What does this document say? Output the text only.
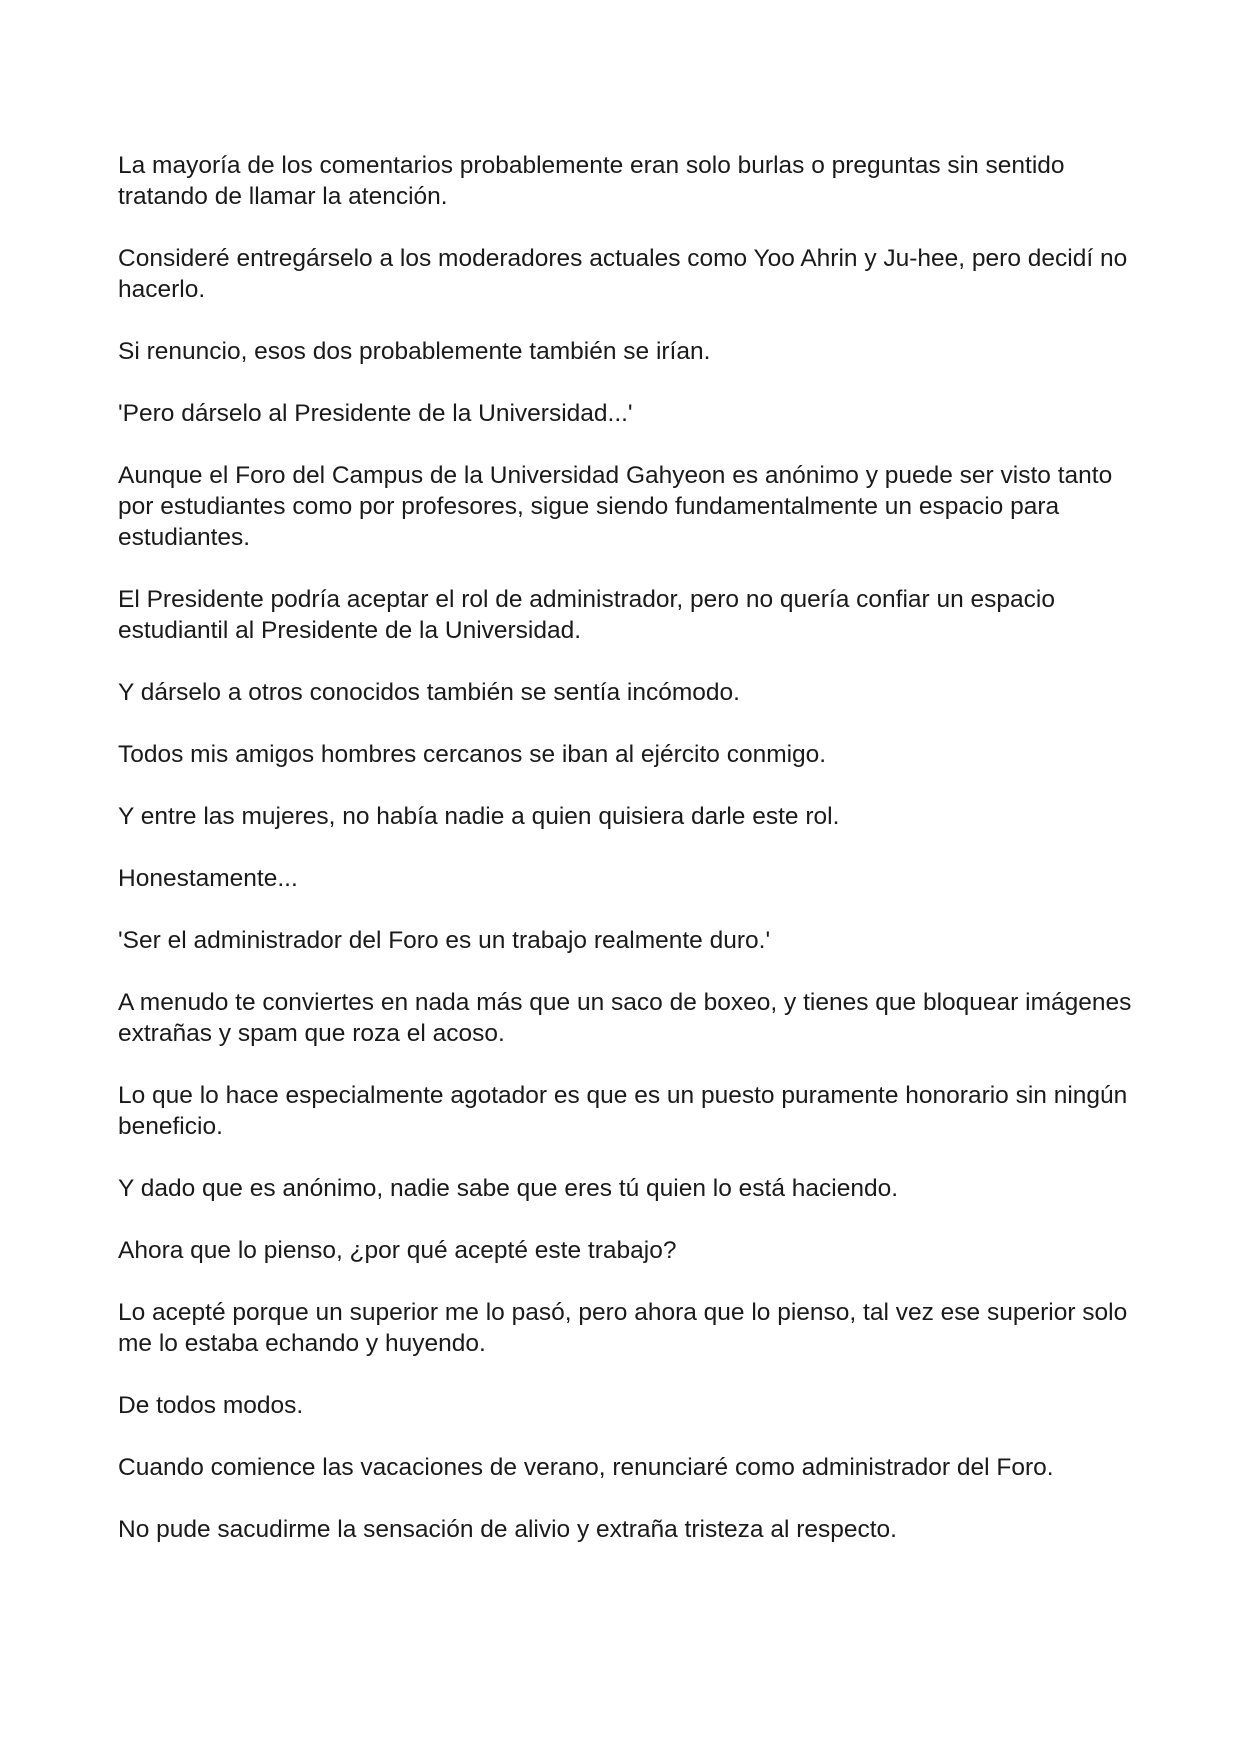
La mayoría de los comentarios probablemente eran solo burlas o preguntas sin sentido tratando de llamar la atención.

Consideré entregárselo a los moderadores actuales como Yoo Ahrin y Ju-hee, pero decidí no hacerlo.

Si renuncio, esos dos probablemente también se irían.

'Pero dárselo al Presidente de la Universidad...'

Aunque el Foro del Campus de la Universidad Gahyeon es anónimo y puede ser visto tanto por estudiantes como por profesores, sigue siendo fundamentalmente un espacio para estudiantes.

El Presidente podría aceptar el rol de administrador, pero no quería confiar un espacio estudiantil al Presidente de la Universidad.

Y dárselo a otros conocidos también se sentía incómodo.

Todos mis amigos hombres cercanos se iban al ejército conmigo.

Y entre las mujeres, no había nadie a quien quisiera darle este rol.

Honestamente...

'Ser el administrador del Foro es un trabajo realmente duro.'

A menudo te conviertes en nada más que un saco de boxeo, y tienes que bloquear imágenes extrañas y spam que roza el acoso.

Lo que lo hace especialmente agotador es que es un puesto puramente honorario sin ningún beneficio.

Y dado que es anónimo, nadie sabe que eres tú quien lo está haciendo.

Ahora que lo pienso, ¿por qué acepté este trabajo?

Lo acepté porque un superior me lo pasó, pero ahora que lo pienso, tal vez ese superior solo me lo estaba echando y huyendo.

De todos modos.

Cuando comience las vacaciones de verano, renunciaré como administrador del Foro.

No pude sacudirme la sensación de alivio y extraña tristeza al respecto.
